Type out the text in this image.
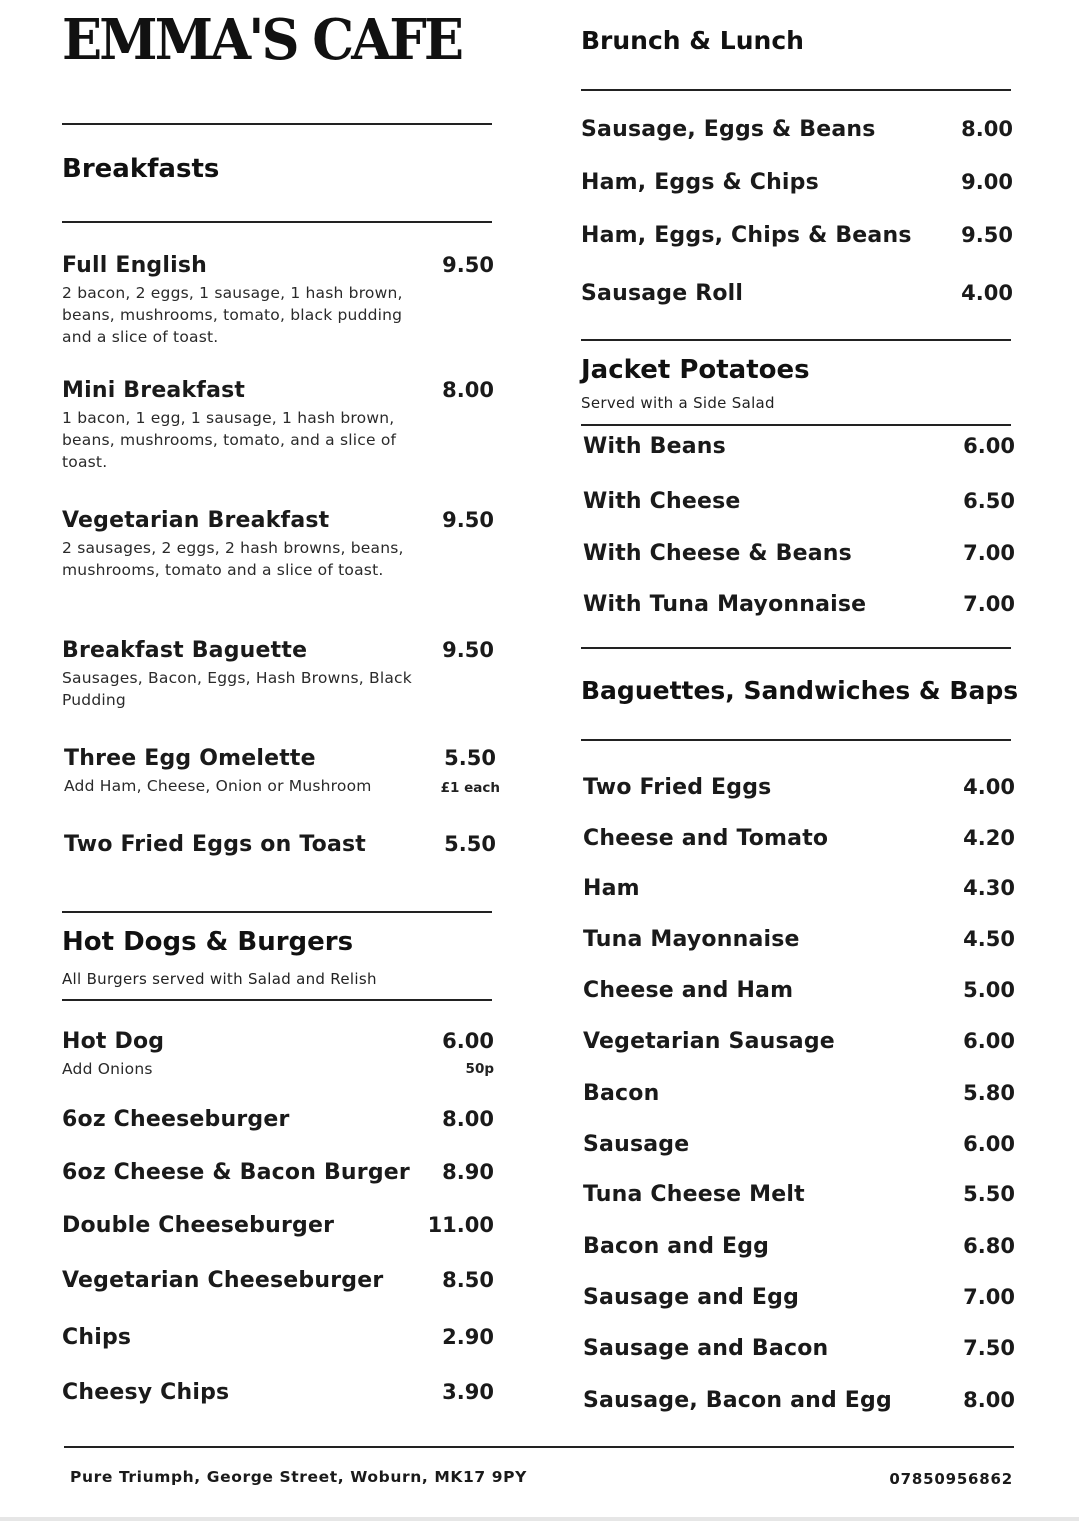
EMMA'S CAFE
Breakfasts
Full English	9.50
2 bacon, 2 eggs, 1 sausage, 1 hash brown, beans, mushrooms, tomato, black pudding and a slice of toast.
Mini Breakfast	8.00
1 bacon, 1 egg, 1 sausage, 1 hash brown, beans, mushrooms, tomato, and a slice of toast.
Vegetarian Breakfast	9.50
2 sausages, 2 eggs, 2 hash browns, beans, mushrooms, tomato and a slice of toast.
Breakfast Baguette	9.50
Sausages, Bacon, Eggs, Hash Browns, Black Pudding
Three Egg Omelette	5.50
Add Ham, Cheese, Onion or Mushroom	£1 each
Two Fried Eggs on Toast	5.50
Hot Dogs & Burgers
All Burgers served with Salad and Relish
Hot Dog	6.00
Add Onions	50p
6oz Cheeseburger	8.00
6oz Cheese & Bacon Burger	8.90
Double Cheeseburger	11.00
Vegetarian Cheeseburger	8.50
Chips	2.90
Cheesy Chips	3.90
Brunch & Lunch
Sausage, Eggs & Beans	8.00
Ham, Eggs & Chips	9.00
Ham, Eggs, Chips & Beans	9.50
Sausage Roll	4.00
Jacket Potatoes
Served with a Side Salad
With Beans	6.00
With Cheese	6.50
With Cheese & Beans	7.00
With Tuna Mayonnaise	7.00
Baguettes, Sandwiches & Baps
Two Fried Eggs	4.00
Cheese and Tomato	4.20
Ham	4.30
Tuna Mayonnaise	4.50
Cheese and Ham	5.00
Vegetarian Sausage	6.00
Bacon	5.80
Sausage	6.00
Tuna Cheese Melt	5.50
Bacon and Egg	6.80
Sausage and Egg	7.00
Sausage and Bacon	7.50
Sausage, Bacon and Egg	8.00
Pure Triumph, George Street, Woburn, MK17 9PY	07850956862
